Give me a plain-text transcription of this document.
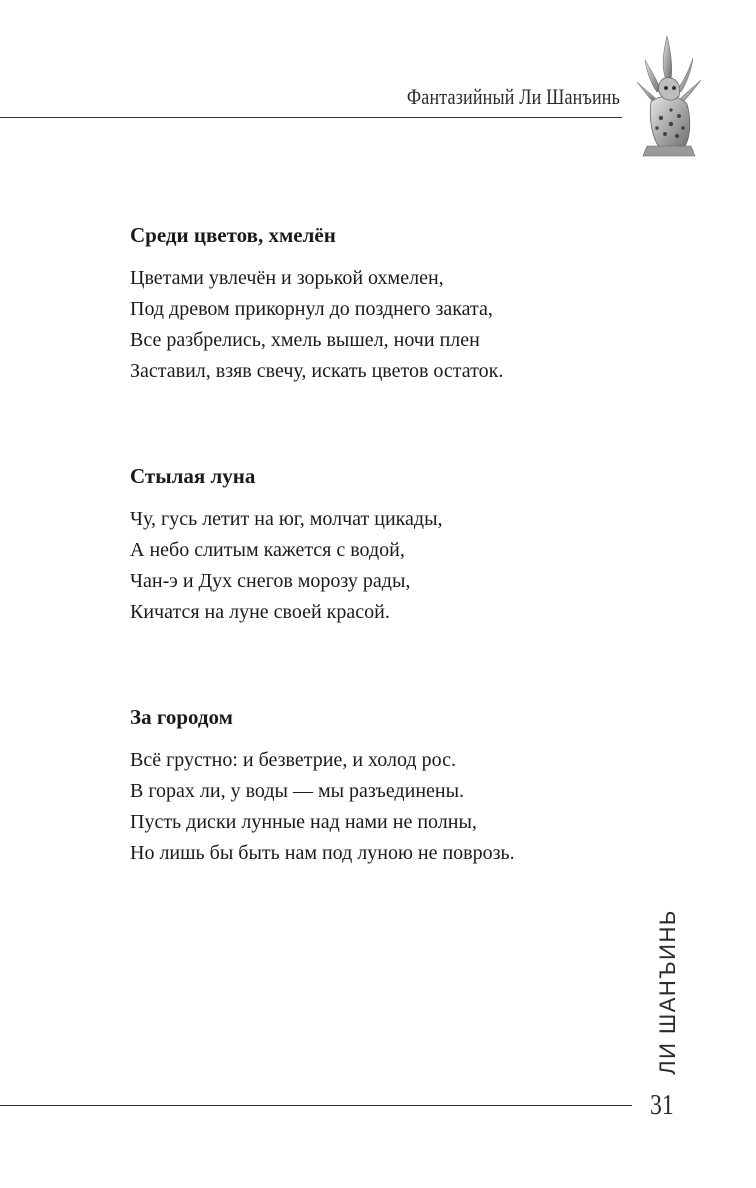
Фантазийный Ли Шанъинь
Среди цветов, хмелён
Цветами увлечён и зорькой охмелен,
Под древом прикорнул до позднего заката,
Все разбрелись, хмель вышел, ночи плен
Заставил, взяв свечу, искать цветов остаток.
Стылая луна
Чу, гусь летит на юг, молчат цикады,
А небо слитым кажется с водой,
Чан-э и Дух снегов морозу рады,
Кичатся на луне своей красой.
За городом
Всё грустно: и безветрие, и холод рос.
В горах ли, у воды — мы разъединены.
Пусть диски лунные над нами не полны,
Но лишь бы быть нам под луною не поврозь.
ЛИ ШАНЪИНЬ
31
